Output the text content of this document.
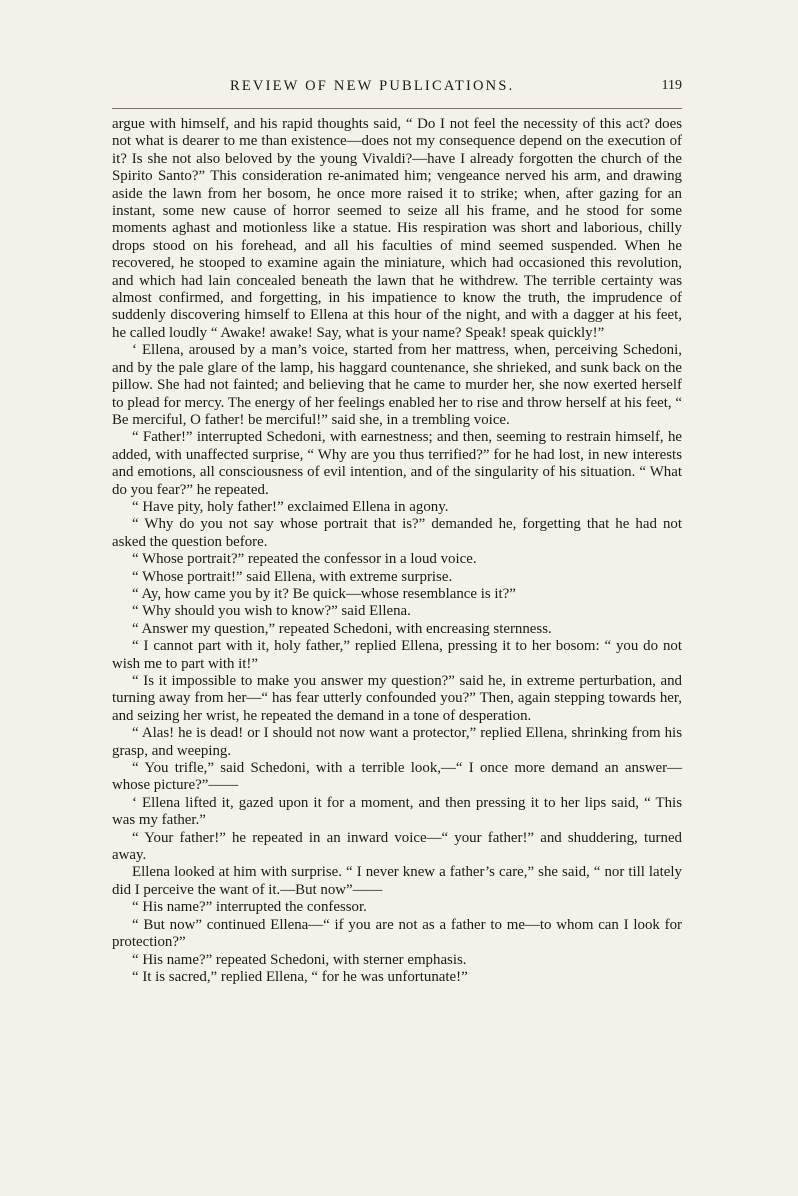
REVIEW OF NEW PUBLICATIONS.	119

argue with himself, and his rapid thoughts said, “ Do I not feel the necessity of this act? does not what is dearer to me than existence—does not my consequence depend on the execution of it? Is she not also beloved by the young Vivaldi?—have I already forgotten the church of the Spirito Santo?” This consideration re-animated him; vengeance nerved his arm, and drawing aside the lawn from her bosom, he once more raised it to strike; when, after gazing for an instant, some new cause of horror seemed to seize all his frame, and he stood for some moments aghast and motionless like a statue. His respiration was short and laborious, chilly drops stood on his forehead, and all his faculties of mind seemed suspended. When he recovered, he stooped to examine again the miniature, which had occasioned this revolution, and which had lain concealed beneath the lawn that he withdrew. The terrible certainty was almost confirmed, and forgetting, in his impatience to know the truth, the imprudence of suddenly discovering himself to Ellena at this hour of the night, and with a dagger at his feet, he called loudly “ Awake! awake! Say, what is your name? Speak! speak quickly!”

‘ Ellena, aroused by a man’s voice, started from her mattress, when, perceiving Schedoni, and by the pale glare of the lamp, his haggard countenance, she shrieked, and sunk back on the pillow. She had not fainted; and believing that he came to murder her, she now exerted herself to plead for mercy. The energy of her feelings enabled her to rise and throw herself at his feet, “ Be merciful, O father! be merciful!” said she, in a trembling voice.

“ Father!” interrupted Schedoni, with earnestness; and then, seeming to restrain himself, he added, with unaffected surprise, “ Why are you thus terrified?” for he had lost, in new interests and emotions, all consciousness of evil intention, and of the singularity of his situation. “ What do you fear?” he repeated.

“ Have pity, holy father!” exclaimed Ellena in agony.

“ Why do you not say whose portrait that is?” demanded he, forgetting that he had not asked the question before.

“ Whose portrait?” repeated the confessor in a loud voice.

“ Whose portrait!” said Ellena, with extreme surprise.

“ Ay, how came you by it? Be quick—whose resemblance is it?”

“ Why should you wish to know?” said Ellena.

“ Answer my question,” repeated Schedoni, with encreasing sternness.

“ I cannot part with it, holy father,” replied Ellena, pressing it to her bosom: “ you do not wish me to part with it!”

“ Is it impossible to make you answer my question?” said he, in extreme perturbation, and turning away from her—“ has fear utterly confounded you?” Then, again stepping towards her, and seizing her wrist, he repeated the demand in a tone of desperation.

“ Alas! he is dead! or I should not now want a protector,” replied Ellena, shrinking from his grasp, and weeping.

“ You trifle,” said Schedoni, with a terrible look,—“ I once more demand an answer—whose picture?”——

‘ Ellena lifted it, gazed upon it for a moment, and then pressing it to her lips said, “ This was my father.”

“ Your father!” he repeated in an inward voice—“ your father!” and shuddering, turned away.

Ellena looked at him with surprise. “ I never knew a father’s care,” she said, “ nor till lately did I perceive the want of it.—But now”——

“ His name?” interrupted the confessor.

“ But now” continued Ellena—“ if you are not as a father to me—to whom can I look for protection?”

“ His name?” repeated Schedoni, with sterner emphasis.

“ It is sacred,” replied Ellena, “ for he was unfortunate!”
